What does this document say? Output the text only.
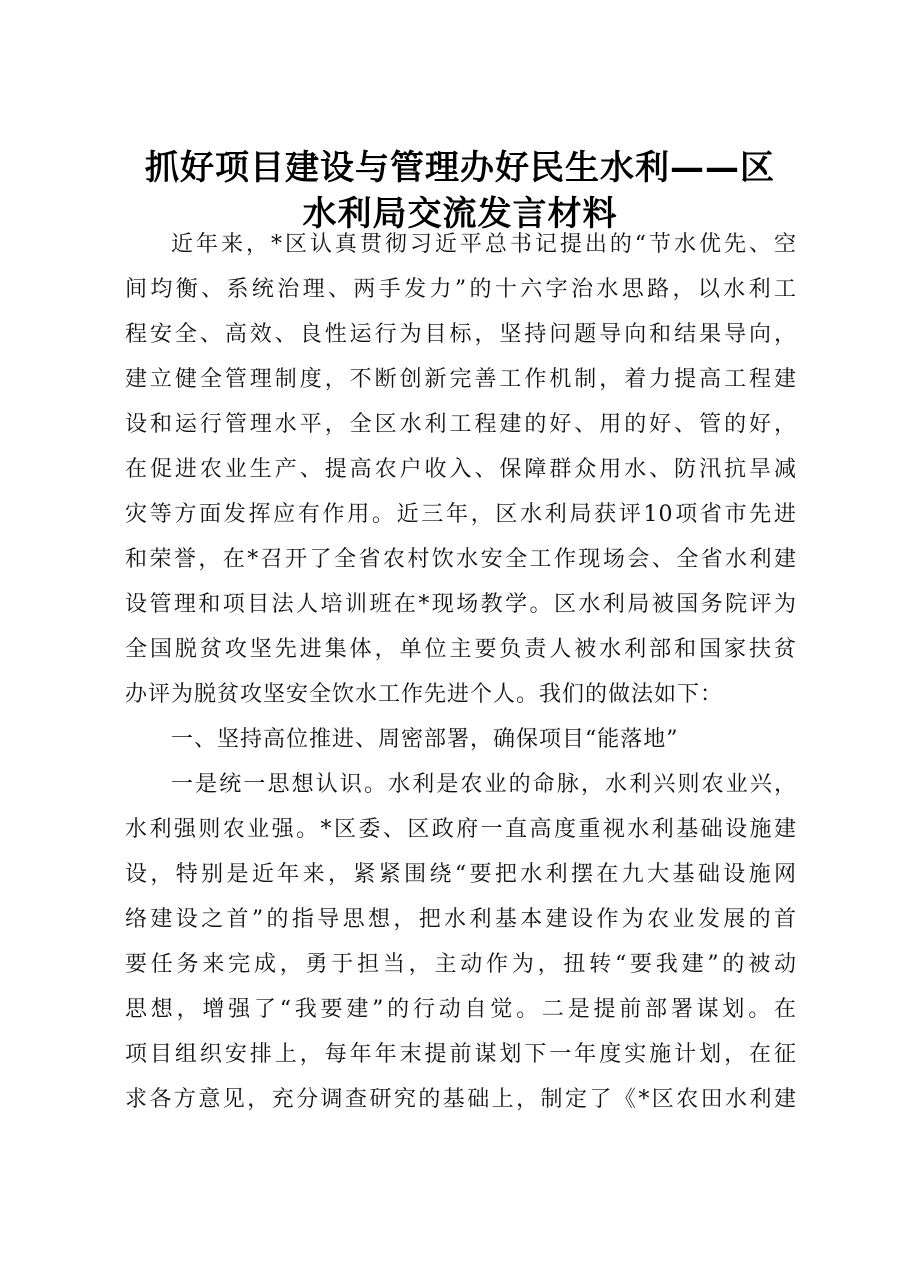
抓好项目建设与管理办好民生水利——区
水利局交流发言材料
近年来，*区认真贯彻习近平总书记提出的“节水优先、空
间均衡、系统治理、两手发力”的十六字治水思路，以水利工
程安全、高效、良性运行为目标，坚持问题导向和结果导向，
建立健全管理制度，不断创新完善工作机制，着力提高工程建
设和运行管理水平，全区水利工程建的好、用的好、管的好，
在促进农业生产、提高农户收入、保障群众用水、防汛抗旱减
灾等方面发挥应有作用。近三年，区水利局获评10项省市先进
和荣誉，在*召开了全省农村饮水安全工作现场会、全省水利建
设管理和项目法人培训班在*现场教学。区水利局被国务院评为
全国脱贫攻坚先进集体，单位主要负责人被水利部和国家扶贫
办评为脱贫攻坚安全饮水工作先进个人。我们的做法如下：
一、坚持高位推进、周密部署，确保项目“能落地”
一是统一思想认识。水利是农业的命脉，水利兴则农业兴，
水利强则农业强。*区委、区政府一直高度重视水利基础设施建
设，特别是近年来，紧紧围绕“要把水利摆在九大基础设施网
络建设之首”的指导思想，把水利基本建设作为农业发展的首
要任务来完成，勇于担当，主动作为，扭转“要我建”的被动
思想，增强了“我要建”的行动自觉。二是提前部署谋划。在
项目组织安排上，每年年末提前谋划下一年度实施计划，在征
求各方意见，充分调查研究的基础上，制定了《*区农田水利建
